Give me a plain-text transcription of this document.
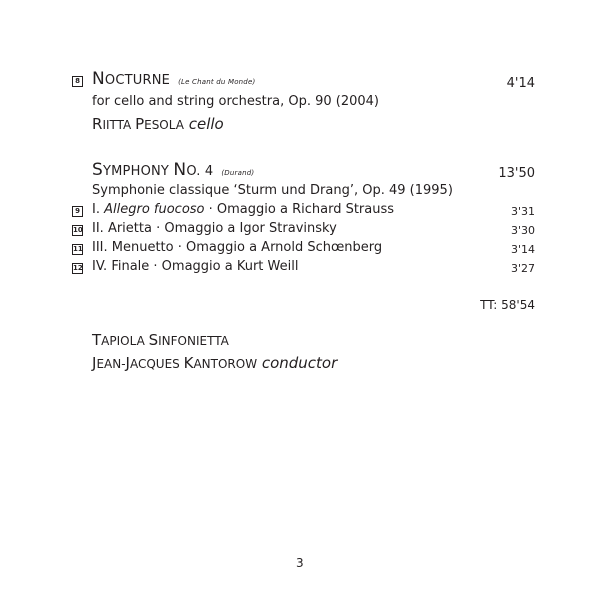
8 NOCTURNE (Le Chant du Monde)	4'14
for cello and string orchestra, Op. 90 (2004)
RIITTA PESOLA cello
SYMPHONY NO. 4 (Durand)	13'50
Symphonie classique ‘Sturm und Drang’, Op. 49 (1995)
9 I. Allegro fuocoso · Omaggio a Richard Strauss	3'31
10 II. Arietta · Omaggio a Igor Stravinsky	3'30
11 III. Menuetto · Omaggio a Arnold Schœnberg	3'14
12 IV. Finale · Omaggio a Kurt Weill	3'27
TT: 58'54
TAPIOLA SINFONIETTA
JEAN-JACQUES KANTOROW conductor
3
